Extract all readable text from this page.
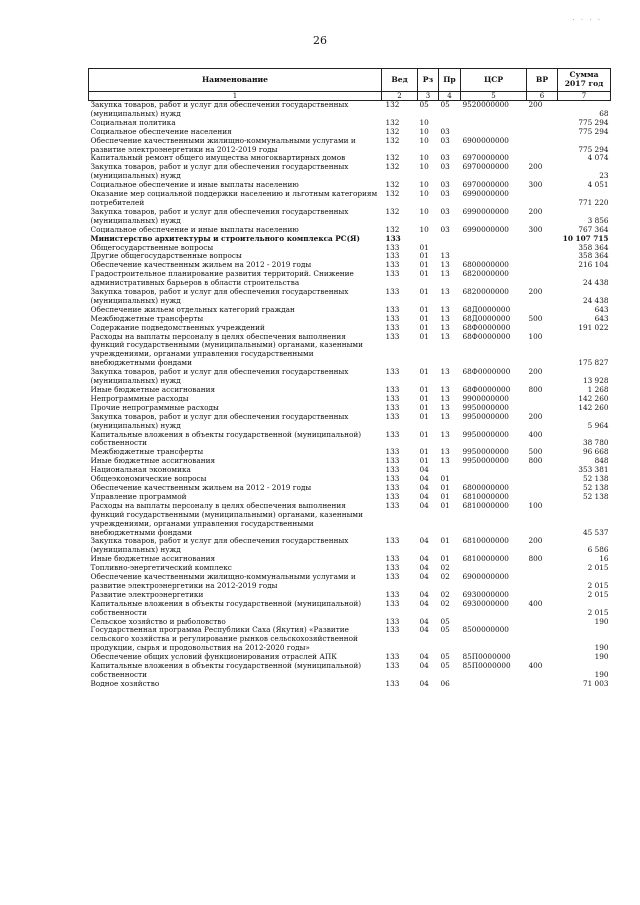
. . . .
26
Наименование	Вед	Рз	Пр	ЦСР	ВР	Сумма 2017 год
1	2	3	4	5	6	7
Закупка товаров, работ и услуг для обеспечения государственных (муниципальных) нужд	132	05	05	9520000000	200	68
Социальная политика	132	10				775 294
Социальное обеспечение населения	132	10	03			775 294
Обеспечение качественными жилищно-коммунальными услугами и развитие электроэнергетики на 2012-2019 годы	132	10	03	6900000000		775 294
Капитальный ремонт общего имущества многоквартирных домов	132	10	03	6970000000		4 074
Закупка товаров, работ и услуг для обеспечения государственных (муниципальных) нужд	132	10	03	6970000000	200	23
Социальное обеспечение и иные выплаты населению	132	10	03	6970000000	300	4 051
Оказание мер социальной поддержки населению и льготным категориям потребителей	132	10	03	6990000000		771 220
Закупка товаров, работ и услуг для обеспечения государственных (муниципальных) нужд	132	10	03	6990000000	200	3 856
Социальное обеспечение и иные выплаты населению	132	10	03	6990000000	300	767 364
Министерство архитектуры и строительного комплекса РС(Я)	133					10 107 715
Общегосударственные вопросы	133	01				358 364
Другие общегосударственные вопросы	133	01	13			358 364
Обеспечение качественным жильем на 2012 - 2019 годы	133	01	13	6800000000		216 104
Градостроительное планирование развития территорий. Снижение административных барьеров в области строительства	133	01	13	6820000000		24 438
Закупка товаров, работ и услуг для обеспечения государственных (муниципальных) нужд	133	01	13	6820000000	200	24 438
Обеспечение жильем отдельных категорий граждан	133	01	13	68Д0000000		643
Межбюджетные трансферты	133	01	13	68Д0000000	500	643
Содержание подведомственных учреждений	133	01	13	68Ф0000000		191 022
Расходы на выплаты персоналу в целях обеспечения выполнения функций государственными (муниципальными) органами, казенными учреждениями, органами управления государственными внебюджетными фондами	133	01	13	68Ф0000000	100	175 827
Закупка товаров, работ и услуг для обеспечения государственных (муниципальных) нужд	133	01	13	68Ф0000000	200	13 928
Иные бюджетные ассигнования	133	01	13	68Ф0000000	800	1 268
Непрограммные расходы	133	01	13	9900000000		142 260
Прочие непрограммные расходы	133	01	13	9950000000		142 260
Закупка товаров, работ и услуг для обеспечения государственных (муниципальных) нужд	133	01	13	9950000000	200	5 964
Капитальные вложения в объекты государственной (муниципальной) собственности	133	01	13	9950000000	400	38 780
Межбюджетные трансферты	133	01	13	9950000000	500	96 668
Иные бюджетные ассигнования	133	01	13	9950000000	800	848
Национальная экономика	133	04				353 381
Общеэкономические вопросы	133	04	01			52 138
Обеспечение качественным жильем на 2012 - 2019 годы	133	04	01	6800000000		52 138
Управление программой	133	04	01	6810000000		52 138
Расходы на выплаты персоналу в целях обеспечения выполнения функций государственными (муниципальными) органами, казенными учреждениями, органами управления государственными внебюджетными фондами	133	04	01	6810000000	100	45 537
Закупка товаров, работ и услуг для обеспечения государственных (муниципальных) нужд	133	04	01	6810000000	200	6 586
Иные бюджетные ассигнования	133	04	01	6810000000	800	16
Топливно-энергетический комплекс	133	04	02			2 015
Обеспечение качественными жилищно-коммунальными услугами и развитие электроэнергетики на 2012-2019 годы	133	04	02	6900000000		2 015
Развитие электроэнергетики	133	04	02	6930000000		2 015
Капитальные вложения в объекты государственной (муниципальной) собственности	133	04	02	6930000000	400	2 015
Сельское хозяйство и рыболовство	133	04	05			190
Государственная программа Республики Саха (Якутия) «Развитие сельского хозяйства и регулирование рынков сельскохозяйственной продукции, сырья и продовольствия на 2012-2020 годы»	133	04	05	8500000000		190
Обеспечение общих условий функционирования отраслей АПК	133	04	05	85П0000000		190
Капитальные вложения в объекты государственной (муниципальной) собственности	133	04	05	85П0000000	400	190
Водное хозяйство	133	04	06			71 003
